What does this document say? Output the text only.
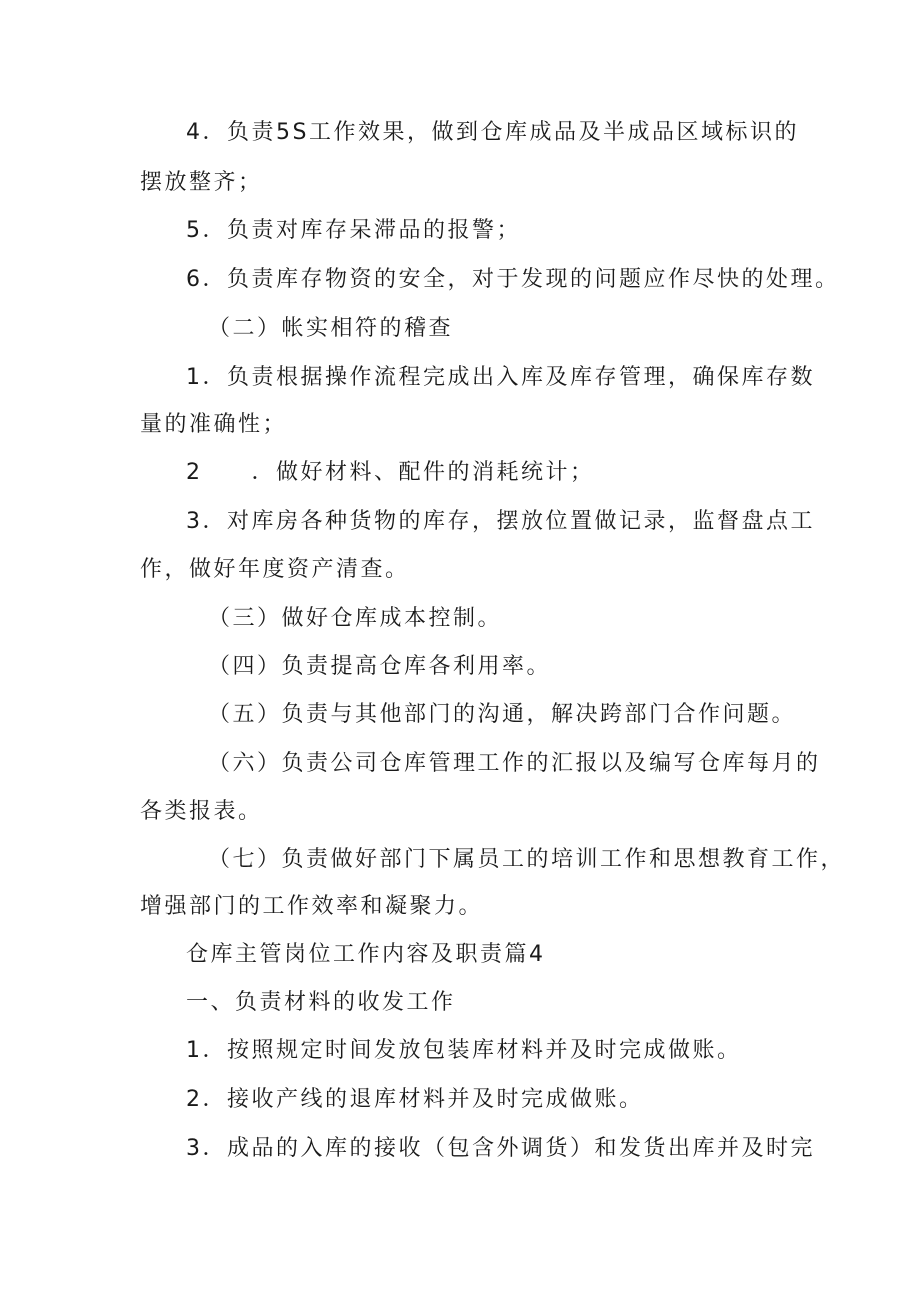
4．负责5S工作效果，做到仓库成品及半成品区域标识的
摆放整齐；
5．负责对库存呆滞品的报警；
6．负责库存物资的安全，对于发现的问题应作尽快的处理。
（二）帐实相符的稽查
1．负责根据操作流程完成出入库及库存管理，确保库存数
量的准确性；
2　　．做好材料、配件的消耗统计；
3．对库房各种货物的库存，摆放位置做记录，监督盘点工
作，做好年度资产清查。
（三）做好仓库成本控制。
（四）负责提高仓库各利用率。
（五）负责与其他部门的沟通，解决跨部门合作问题。
（六）负责公司仓库管理工作的汇报以及编写仓库每月的
各类报表。
（七）负责做好部门下属员工的培训工作和思想教育工作，
增强部门的工作效率和凝聚力。
仓库主管岗位工作内容及职责篇4
一、负责材料的收发工作
1．按照规定时间发放包装库材料并及时完成做账。
2．接收产线的退库材料并及时完成做账。
3．成品的入库的接收（包含外调货）和发货出库并及时完
